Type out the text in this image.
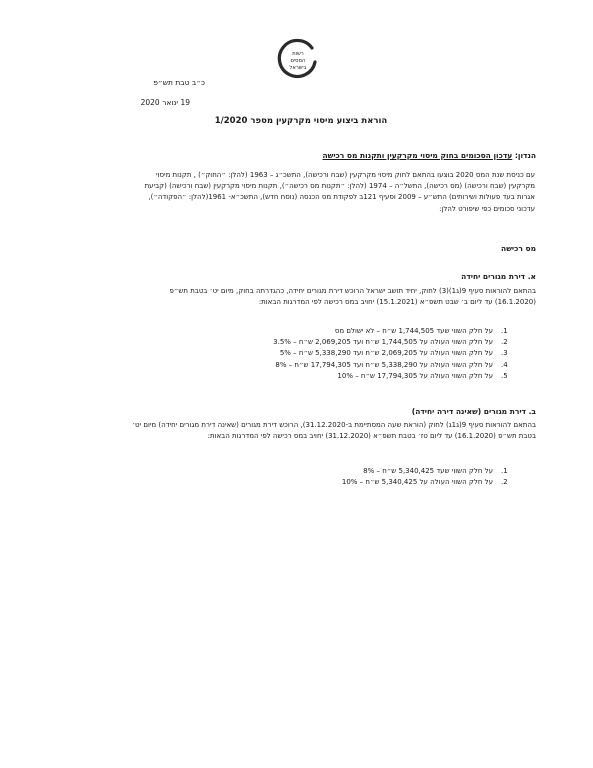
רשות
המסים
בישראל
כ״ב טבת תש״פ
19 ינואר 2020
הוראת ביצוע מיסוי מקרקעין מספר 1/2020
הנדון: עדכון הסכומים בחוק מיסוי מקרקעין ותקנות מס רכישה
עם כניסת שנת המס 2020 בוצעו בהתאם לחוק מיסוי מקרקעין (שבח ורכישה), התשכ״ג – 1963 (להלן: ״החוק״) , תקנות מיסוי מקרקעין (שבח ורכישה) (מס רכישה), התשל״ה – 1974 (להלן: ״תקנות מס רכישה״), תקנות מיסוי מקרקעין (שבח ורכישה) (קביעת אגרות בעד פעולות ושירותים) התש״ע – 2009 וסעיף 121ב לפקודת מס הכנסה (נוסח חדש), התשכ״א- 1961(להלן: ״הפקודה״), עדכוני סכומים כפי שיפורט להלן:
מס רכישה
א. דירת מגורים יחידה
בהתאם להוראות סעיף 9(ג1)(3) לחוק, יחיד תושב ישראל הרוכש דירת מגורים יחידה, כהגדרתה בחוק, מיום יט׳ בטבת תש״פ (16.1.2020) עד ליום ב׳ שבט תשפ״א (15.1.2021) יחויב במס רכישה לפי המדרגות הבאות:
.1
על חלק השווי שעד 1,744,505 ש״ח – לא ישולם מס
.2
על חלק השווי העולה על 1,744,505 ש״ח ועד 2,069,205 ש״ח – 3.5%
.3
על חלק השווי העולה על 2,069,205 ש״ח ועד 5,338,290 ש״ח – 5%
.4
על חלק השווי העולה על 5,338,290 ש״ח ועד 17,794,305 ש״ח – 8%
.5
על חלק השווי העולה על 17,794,305 ש״ח – 10%
ב. דירת מגורים (שאינה דירה יחידה)
בהתאם להוראות סעיף 9(ג1ג) לחוק (הוראת שעה המסתיימת ב-31.12.2020), הרוכש דירת מגורים (שאינה דירת מגורים יחידה) מיום יט׳ בטבת תש״פ (16.1.2020) עד ליום טז׳ בטבת תשפ״א (31.12.2020) יחויב במס רכישה לפי המדרגות הבאות:
.1
על חלק השווי שעד 5,340,425 ש״ח – 8%
.2
על חלק השווי העולה על 5,340,425 ש״ח – 10%
